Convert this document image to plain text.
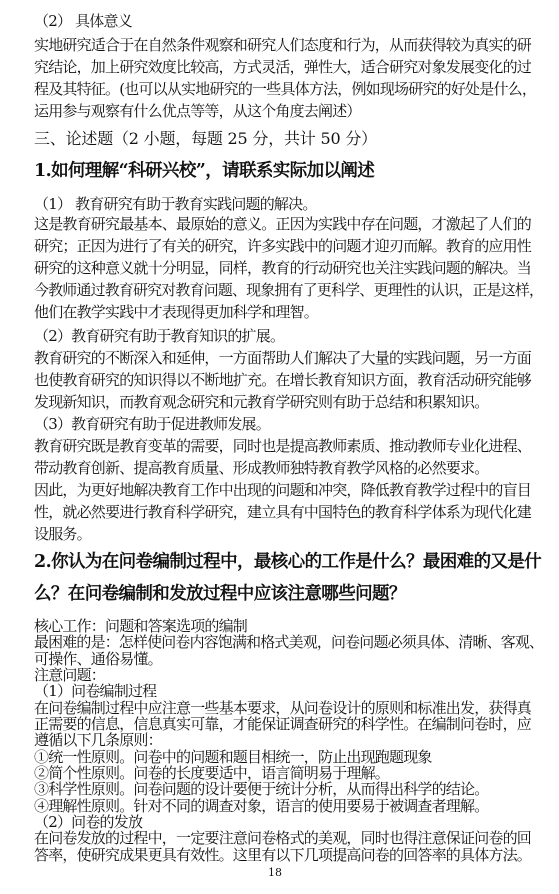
（2） 具体意义
实地研究适合于在自然条件观察和研究人们态度和行为，从而获得较为真实的研
究结论，加上研究效度比较高，方式灵活，弹性大，适合研究对象发展变化的过
程及其特征。(也可以从实地研究的一些具体方法，例如现场研究的好处是什么，
运用参与观察有什么优点等等，从这个角度去阐述）
三、论述题（2 小题，每题 25 分，共计 50 分）
1.如何理解“科研兴校”，请联系实际加以阐述
（1） 教育研究有助于教育实践问题的解决。
这是教育研究最基本、最原始的意义。正因为实践中存在问题，才激起了人们的
研究；正因为进行了有关的研究，许多实践中的问题才迎刃而解。教育的应用性
研究的这种意义就十分明显，同样，教育的行动研究也关注实践问题的解决。当
今教师通过教育研究对教育问题、现象拥有了更科学、更理性的认识，正是这样，
他们在教学实践中才表现得更加科学和理智。
（2）教育研究有助于教育知识的扩展。
教育研究的不断深入和延伸，一方面帮助人们解决了大量的实践问题，另一方面
也使教育研究的知识得以不断地扩充。在增长教育知识方面，教育活动研究能够
发现新知识，而教育观念研究和元教育学研究则有助于总结和积累知识。
（3）教育研究有助于促进教师发展。
教育研究既是教育变革的需要，同时也是提高教师素质、推动教师专业化进程、
带动教育创新、提高教育质量、形成教师独特教育教学风格的必然要求。
因此，为更好地解决教育工作中出现的问题和冲突，降低教育教学过程中的盲目
性，就必然要进行教育科学研究，建立具有中国特色的教育科学体系为现代化建
设服务。
2.你认为在问卷编制过程中，最核心的工作是什么？最困难的又是什
么？在问卷编制和发放过程中应该注意哪些问题？
18
核心工作：问题和答案选项的编制
最困难的是：怎样使问卷内容饱满和格式美观，问卷问题必须具体、清晰、客观、
可操作、通俗易懂。
注意问题：
（1）问卷编制过程
在问卷编制过程中应注意一些基本要求，从问卷设计的原则和标准出发，获得真
正需要的信息，信息真实可靠，才能保证调查研究的科学性。在编制问卷时，应
遵循以下几条原则：
①统一性原则。问卷中的问题和题目相统一，防止出现跑题现象
②简个性原则。问卷的长度要适中，语言简明易于理解。
③科学性原则。问卷问题的设计要便于统计分析，从而得出科学的结论。
④理解性原则。针对不同的调查对象，语言的使用要易于被调查者理解。
（2）问卷的发放
在问卷发放的过程中，一定要注意问卷格式的美观，同时也得注意保证问卷的回
答率，使研究成果更具有效性。这里有以下几项提高问卷的回答率的具体方法。
